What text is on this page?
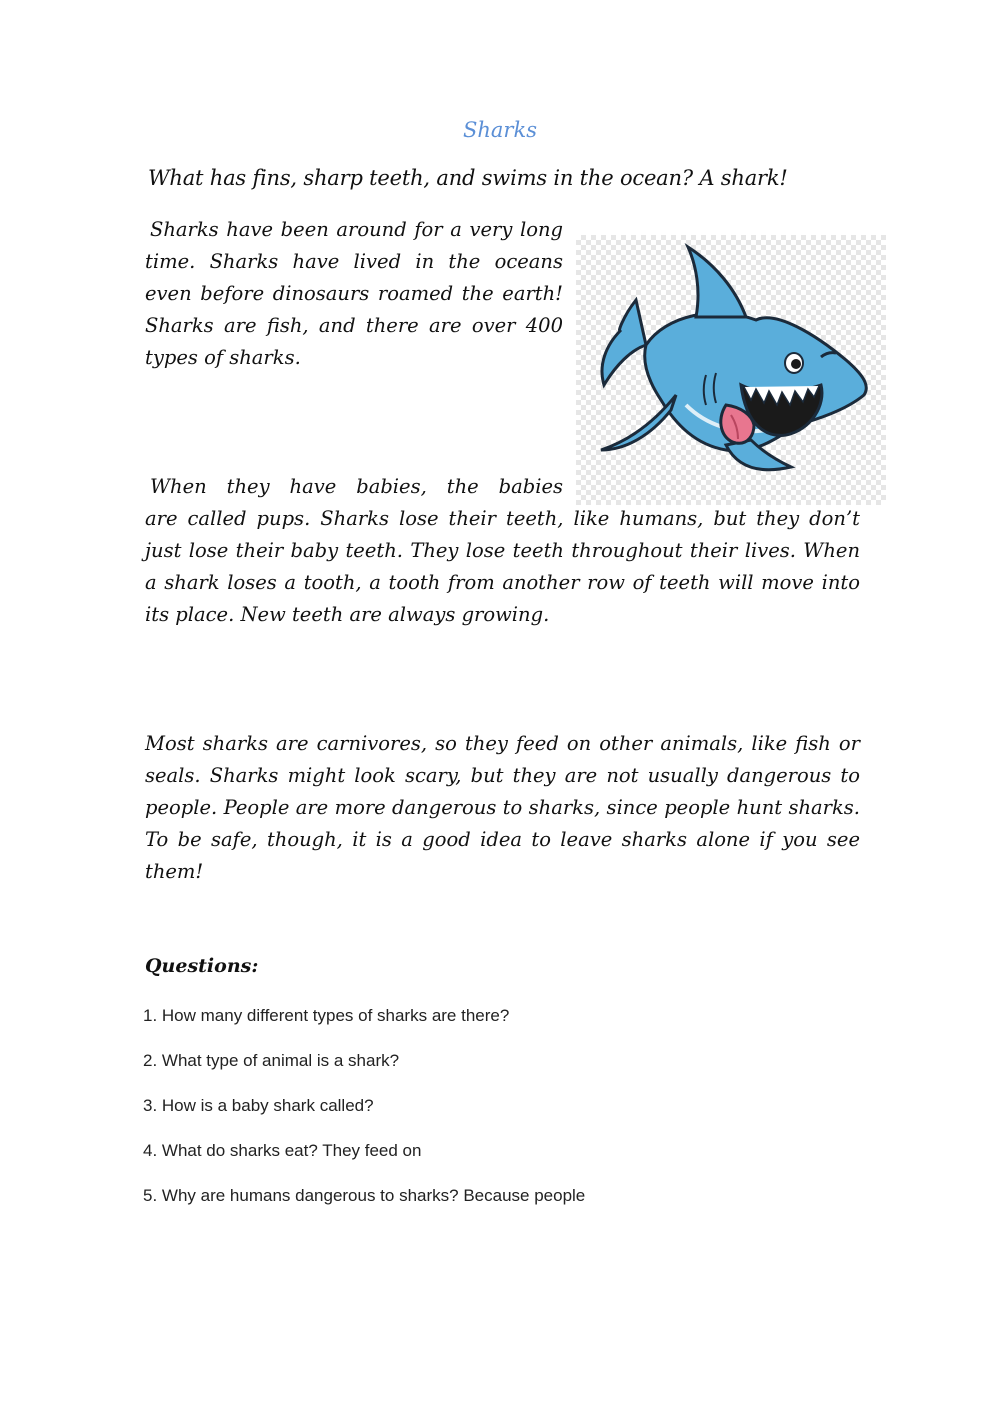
Sharks
What has fins, sharp teeth, and swims in the ocean? A shark!
Sharks have been around for a very long time. Sharks have lived in the oceans even before dinosaurs roamed the earth! Sharks are fish, and there are over 400 types of sharks.
When they have babies, the babies
are called pups. Sharks lose their teeth, like humans, but they don’t just lose their baby teeth. They lose teeth throughout their lives. When a shark loses a tooth, a tooth from another row of teeth will move into its place. New teeth are always growing.
Most sharks are carnivores, so they feed on other animals, like fish or seals. Sharks might look scary, but they are not usually dangerous to people. People are more dangerous to sharks, since people hunt sharks. To be safe, though, it is a good idea to leave sharks alone if you see them!
Questions:
1. How many different types of sharks are there?
2. What type of animal is a shark?
3. How is a baby shark called?
4. What do sharks eat? They feed on
5. Why are humans dangerous to sharks? Because people
